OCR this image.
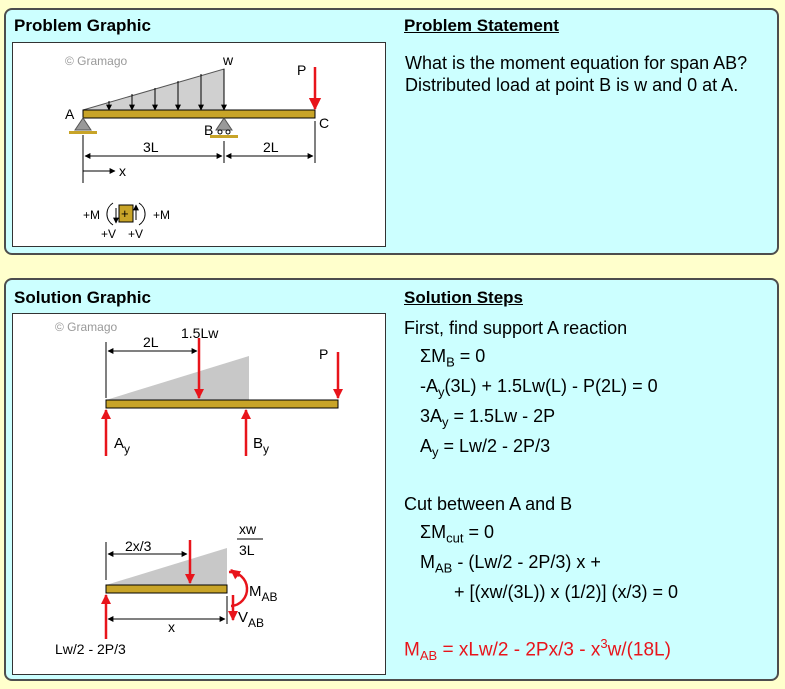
Problem Graphic	Problem Statement
© Gramago	w
P
A
B	C
3L	2L
x
+
+M	+M
+V +V
What is the moment equation for span AB? Distributed load at point B is w and 0 at A.
Solution Graphic	Solution Steps
© Gramago
2L
1.5Lw
P
$A_y$	$B_y$
2x/3
xw
3L
$M_{AB}$
$V_{AB}$
x
Lw/2 - 2P/3
First, find support A reaction
$\Sigma M_B = 0$
$-A_y(3L) + 1.5Lw(L) - P(2L) = 0$
$3A_y = 1.5Lw - 2P$
$A_y = Lw/2 - 2P/3$
Cut between A and B
$\Sigma M_{cut} = 0$
$M_{AB} - (Lw/2 - 2P/3) x$ +
+ [(xw/(3L)) x (1/2)] (x/3) = 0
$M_{AB} = xLw/2 - 2Px/3 - x^3w/(18L)$
